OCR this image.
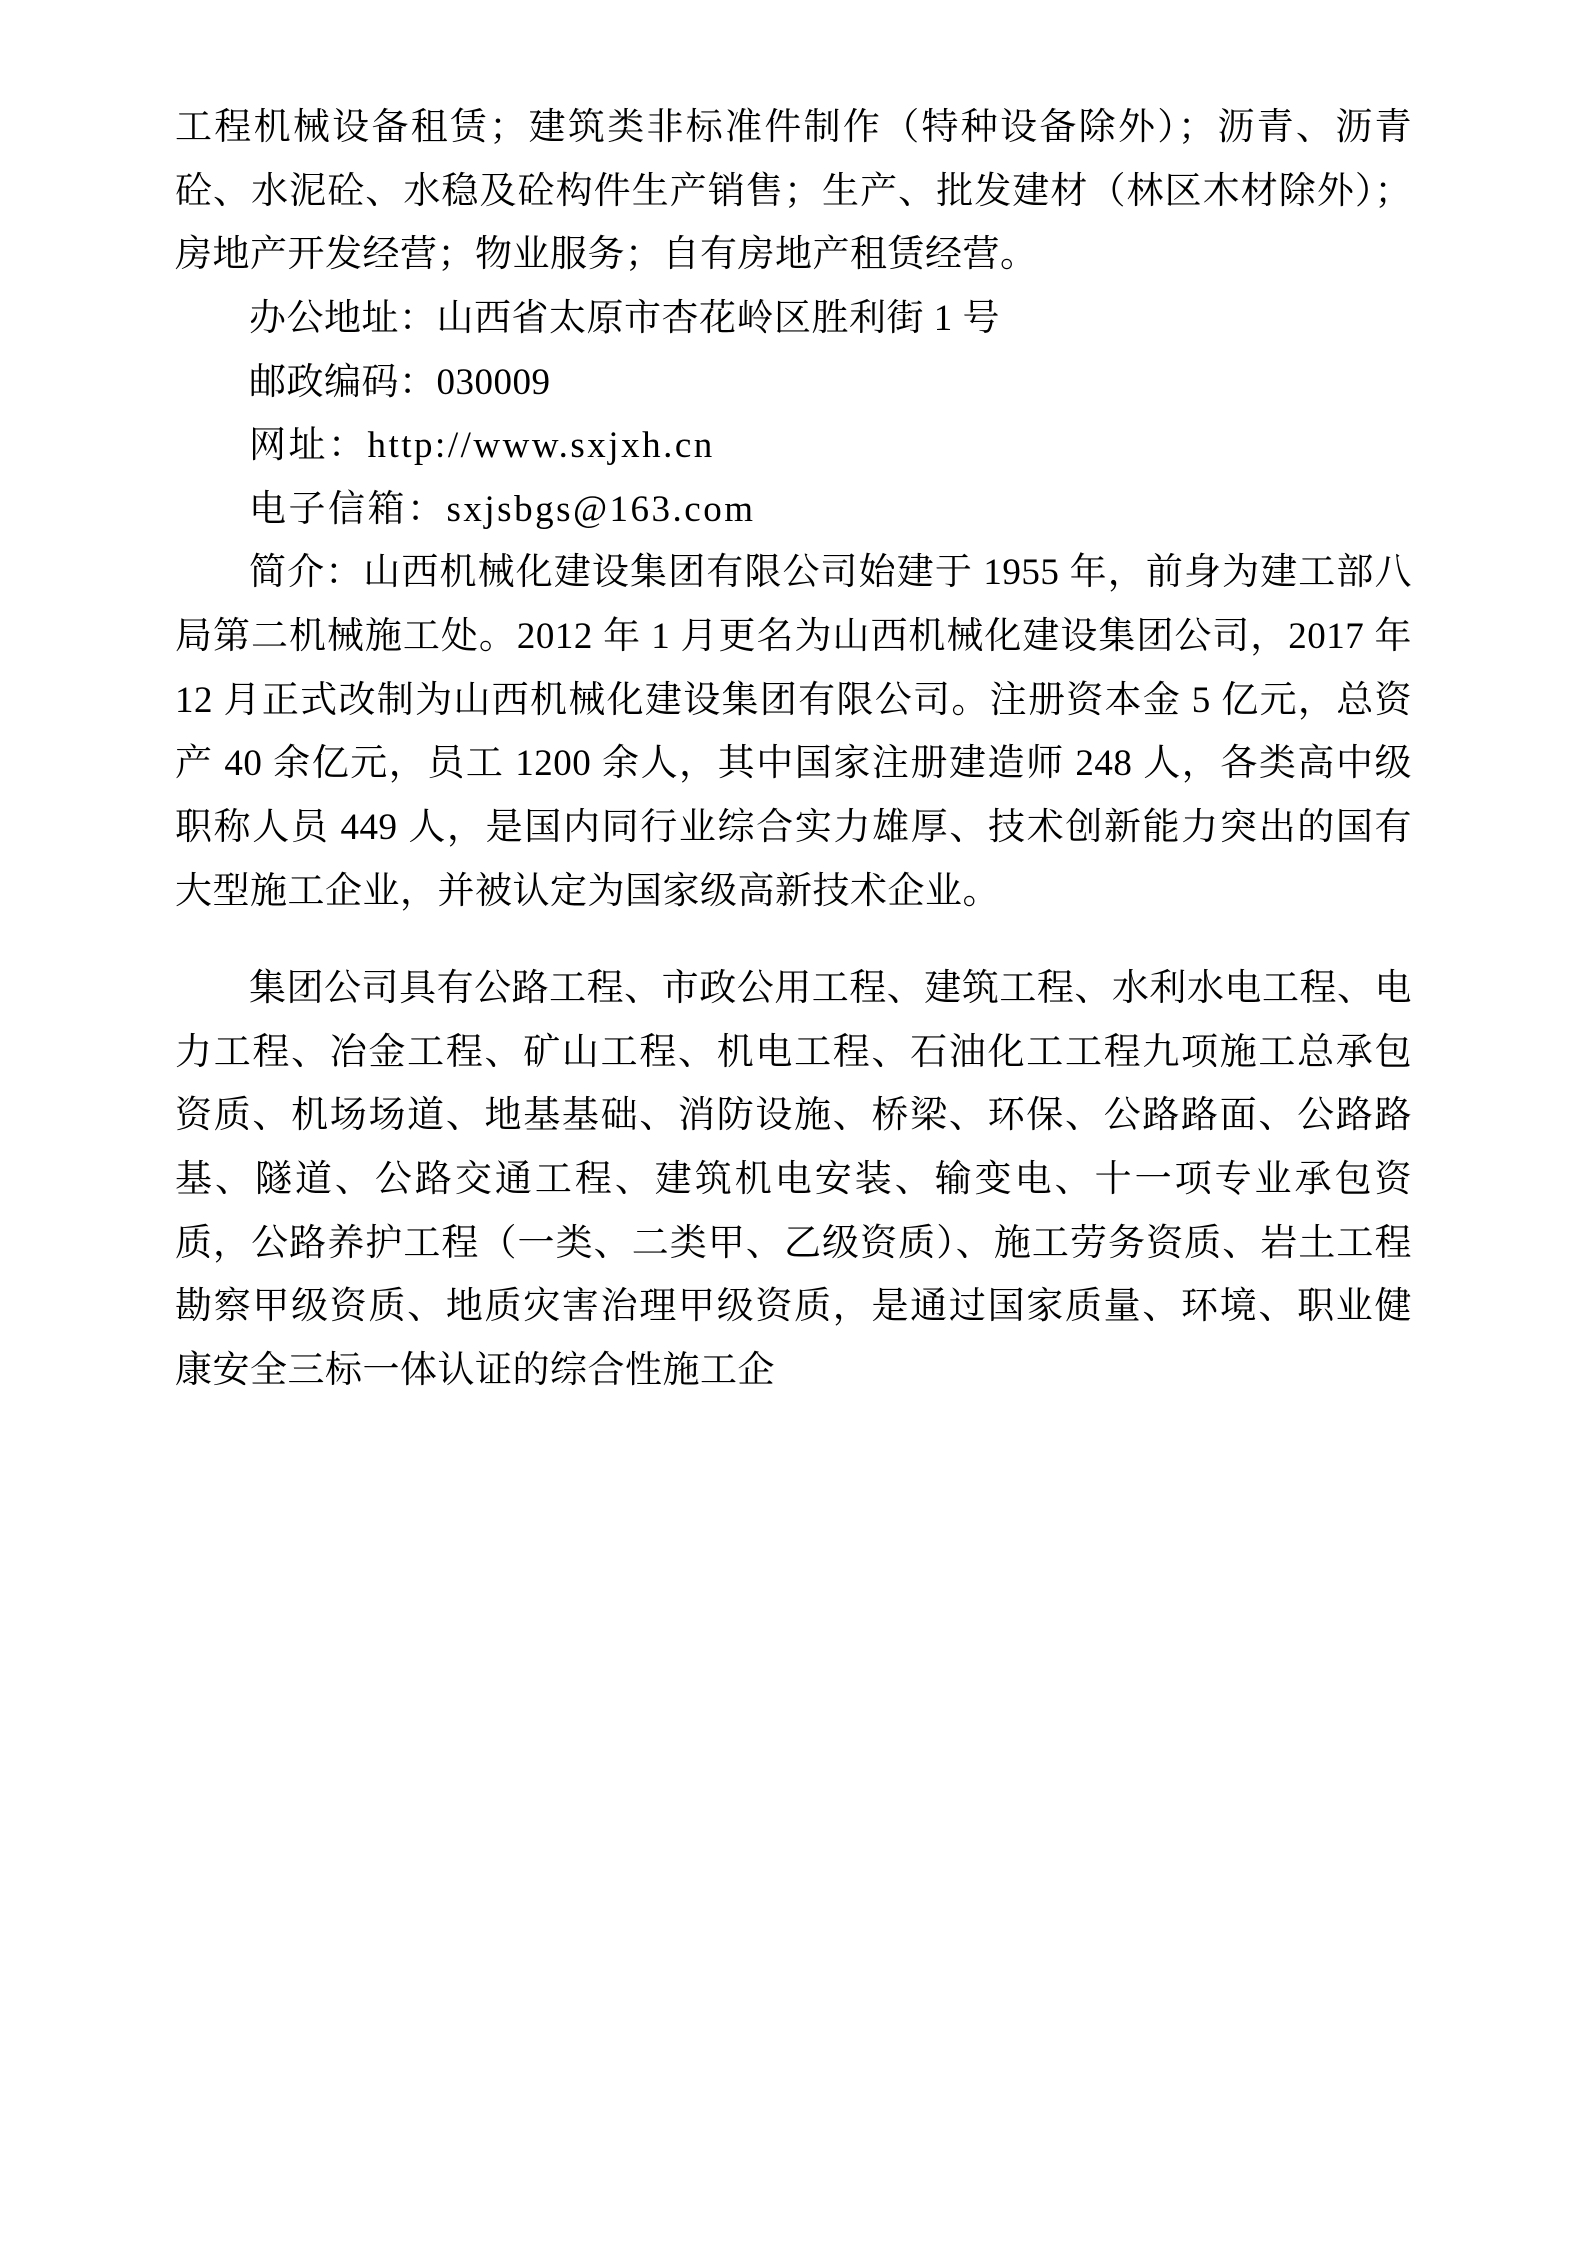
工程机械设备租赁；建筑类非标准件制作（特种设备除外）；沥青、沥青砼、水泥砼、水稳及砼构件生产销售；生产、批发建材（林区木材除外）；房地产开发经营；物业服务；自有房地产租赁经营。

办公地址：山西省太原市杏花岭区胜利街 1 号

邮政编码：030009

网址：http://www.sxjxh.cn

电子信箱：sxjsbgs@163.com

简介：山西机械化建设集团有限公司始建于 1955 年，前身为建工部八局第二机械施工处。2012 年 1 月更名为山西机械化建设集团公司，2017 年 12 月正式改制为山西机械化建设集团有限公司。注册资本金 5 亿元，总资产 40 余亿元，员工 1200 余人，其中国家注册建造师 248 人，各类高中级职称人员 449 人，是国内同行业综合实力雄厚、技术创新能力突出的国有大型施工企业，并被认定为国家级高新技术企业。

集团公司具有公路工程、市政公用工程、建筑工程、水利水电工程、电力工程、冶金工程、矿山工程、机电工程、石油化工工程九项施工总承包资质、机场场道、地基基础、消防设施、桥梁、环保、公路路面、公路路基、隧道、公路交通工程、建筑机电安装、输变电、十一项专业承包资质，公路养护工程（一类、二类甲、乙级资质）、施工劳务资质、岩土工程勘察甲级资质、地质灾害治理甲级资质，是通过国家质量、环境、职业健康安全三标一体认证的综合性施工企
